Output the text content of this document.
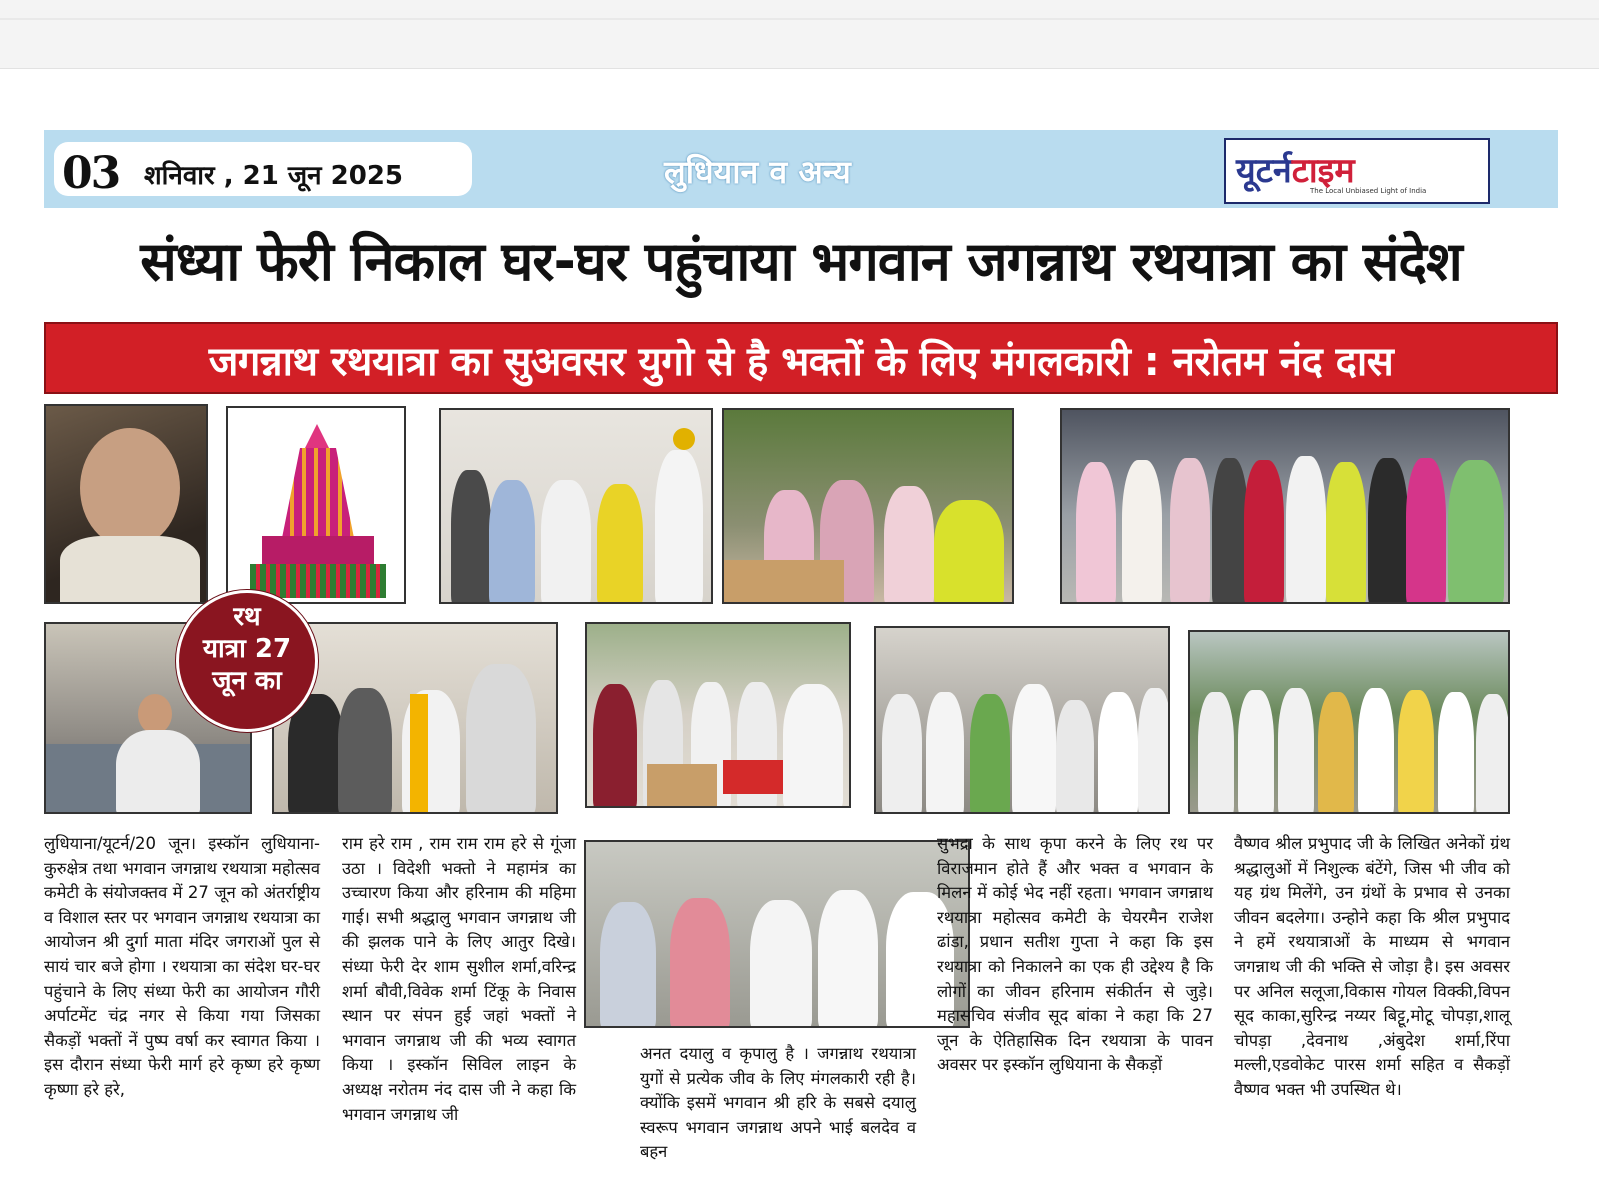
03 शनिवार , 21 जून 2025	लुधियान व अन्य	यूटर्नटाइम
The Local Unbiased Light of India
संध्या फेरी निकाल घर-घर पहुंचाया भगवान जगन्नाथ रथयात्रा का संदेश
जगन्नाथ रथयात्रा का सुअवसर युगो से है भक्तों के लिए मंगलकारी : नरोतम नंद दास
रथ
यात्रा 27
जून का

लुधियाना/यूटर्न/20 जून। इस्कॉन लुधियाना-कुरुक्षेत्र तथा भगवान जगन्नाथ रथयात्रा महोत्सव कमेटी के संयोजक्तव में 27 जून को अंतर्राष्ट्रीय व विशाल स्तर पर भगवान जगन्नाथ रथयात्रा का आयोजन श्री दुर्गा माता मंदिर जगराओं पुल से सायं चार बजे होगा । रथयात्रा का संदेश घर-घर पहुंचाने के लिए संध्या फेरी का आयोजन गौरी अर्पाटमेंट चंद्र नगर से किया गया जिसका सैकड़ों भक्तों नें पुष्प वर्षा कर स्वागत किया । इस दौरान संध्या फेरी मार्ग हरे कृष्ण हरे कृष्ण कृष्णा हरे हरे,

राम हरे राम , राम राम राम हरे से गूंजा उठा । विदेशी भक्तो ने महामंत्र का उच्चारण किया और हरिनाम की महिमा गाई। सभी श्रद्धालु भगवान जगन्नाथ जी की झलक पाने के लिए आतुर दिखे। संध्या फेरी देर शाम सुशील शर्मा,वरिन्द्र शर्मा बौवी,विवेक शर्मा टिंकू के निवास स्थान पर संपन हुई जहां भक्तों ने भगवान जगन्नाथ जी की भव्य स्वागत किया । इस्कॉन सिविल लाइन के अध्यक्ष नरोतम नंद दास जी ने कहा कि भगवान जगन्नाथ जी

अनत दयालु व कृपालु है । जगन्नाथ रथयात्रा युगों से प्रत्येक जीव के लिए मंगलकारी रही है। क्योंकि इसमें भगवान श्री हरि के सबसे दयालु स्वरूप भगवान जगन्नाथ अपने भाई बलदेव व बहन

सुभद्रा के साथ कृपा करने के लिए रथ पर विराजमान होते हैं और भक्त व भगवान के मिलन में कोई भेद नहीं रहता। भगवान जगन्नाथ रथयात्रा महोत्सव कमेटी के चेयरमैन राजेश ढांडा, प्रधान सतीश गुप्ता ने कहा कि इस रथयात्रा को निकालने का एक ही उद्देश्य है कि लोगों का जीवन हरिनाम संकीर्तन से जुड़े। महासचिव संजीव सूद बांका ने कहा कि 27 जून के ऐतिहासिक दिन रथयात्रा के पावन अवसर पर इस्कॉन लुधियाना के सैकड़ों

वैष्णव श्रील प्रभुपाद जी के लिखित अनेकों ग्रंथ श्रद्धालुओं में निशुल्क बंटेंगे, जिस भी जीव को यह ग्रंथ मिलेंगे, उन ग्रंथों के प्रभाव से उनका जीवन बदलेगा। उन्होने कहा कि श्रील प्रभुपाद ने हमें रथयात्राओं के माध्यम से भगवान जगन्नाथ जी की भक्ति से जोड़ा है। इस अवसर पर अनिल सलूजा,विकास गोयल विक्की,विपन सूद काका,सुरिन्द्र नय्यर बिट्टू,मोटू चोपड़ा,शालू चोपड़ा ,देवनाथ ,अंबुदेश शर्मा,रिंपा मल्ली,एडवोकेट पारस शर्मा सहित व सैकड़ों वैष्णव भक्त भी उपस्थित थे।
